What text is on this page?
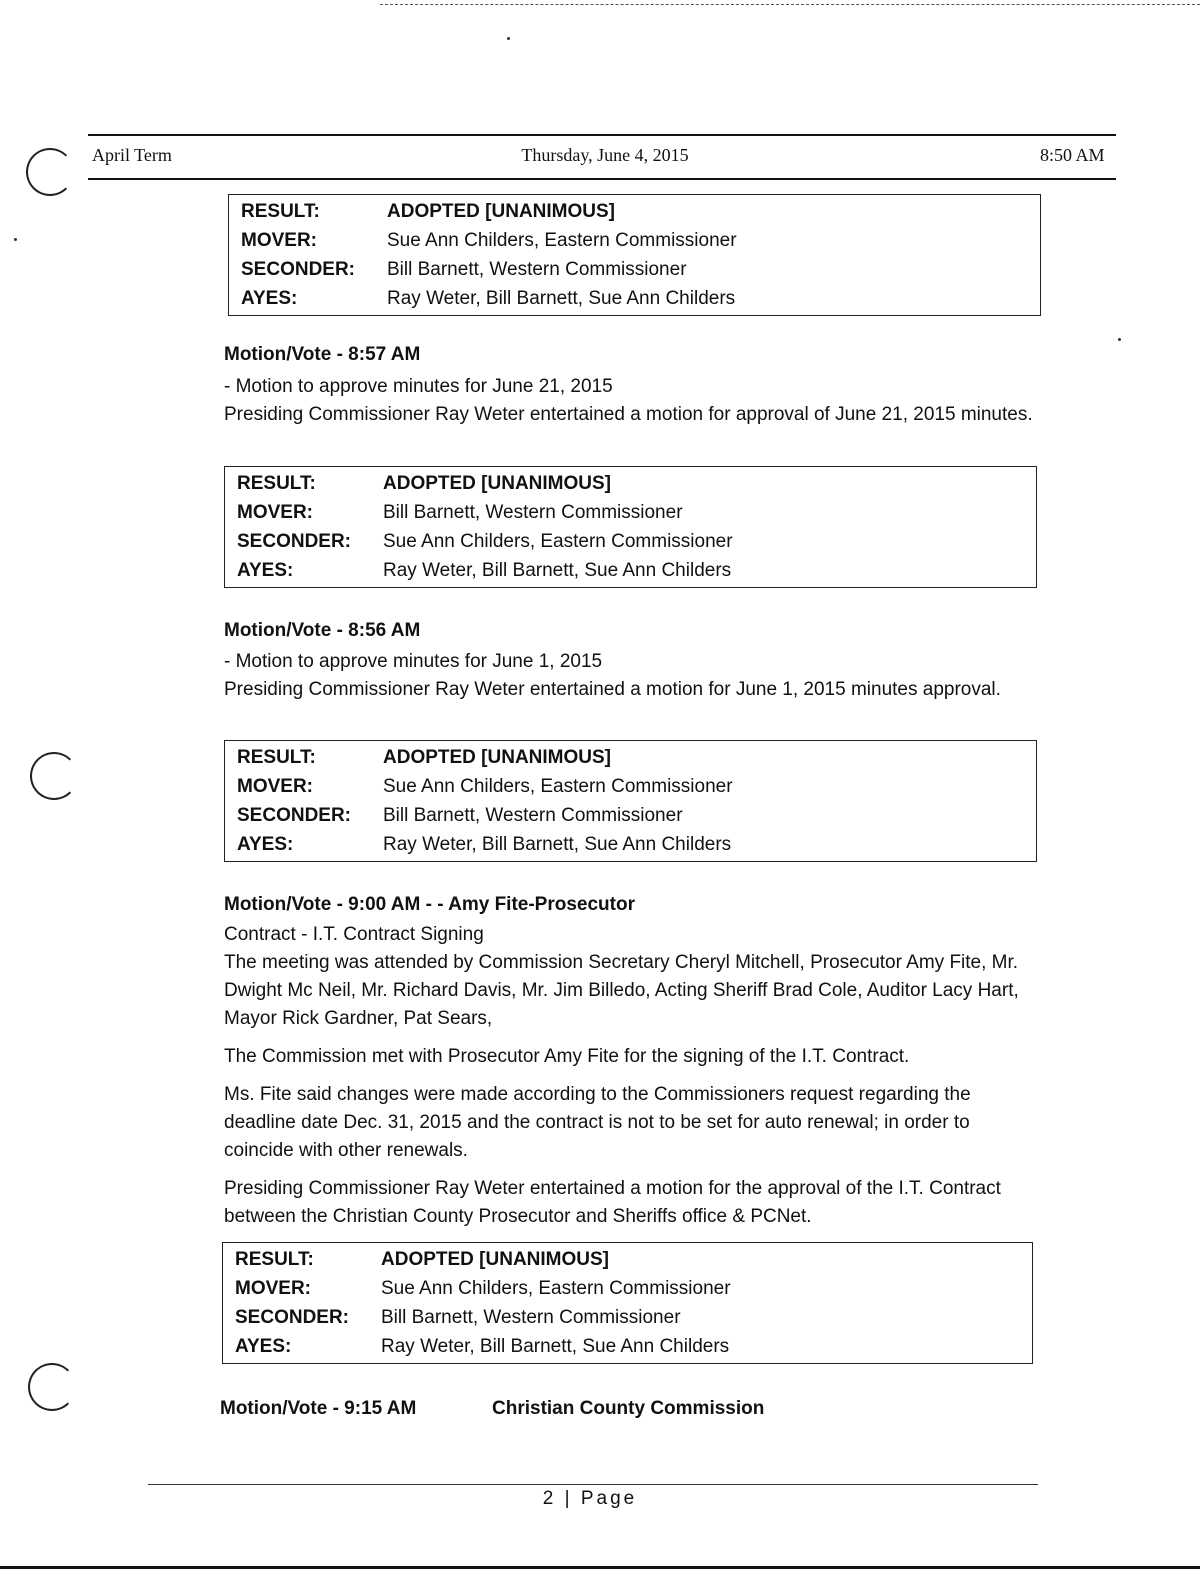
April Term	Thursday, June 4, 2015	8:50 AM
RESULT:	ADOPTED [UNANIMOUS]
MOVER:	Sue Ann Childers, Eastern Commissioner
SECONDER:	Bill Barnett, Western Commissioner
AYES:	Ray Weter, Bill Barnett, Sue Ann Childers
Motion/Vote - 8:57 AM

- Motion to approve minutes for June 21, 2015

Presiding Commissioner Ray Weter entertained a motion for approval of June 21, 2015 minutes.

RESULT:	ADOPTED [UNANIMOUS]
MOVER:	Bill Barnett, Western Commissioner
SECONDER:	Sue Ann Childers, Eastern Commissioner
AYES:	Ray Weter, Bill Barnett, Sue Ann Childers
Motion/Vote - 8:56 AM

- Motion to approve minutes for June 1, 2015

Presiding Commissioner Ray Weter entertained a motion for June 1, 2015 minutes approval.

RESULT:	ADOPTED [UNANIMOUS]
MOVER:	Sue Ann Childers, Eastern Commissioner
SECONDER:	Bill Barnett, Western Commissioner
AYES:	Ray Weter, Bill Barnett, Sue Ann Childers
Motion/Vote - 9:00 AM - - Amy Fite-Prosecutor

Contract - I.T. Contract Signing

The meeting was attended by Commission Secretary Cheryl Mitchell, Prosecutor Amy Fite, Mr. Dwight Mc Neil, Mr. Richard Davis, Mr. Jim Billedo, Acting Sheriff Brad Cole, Auditor Lacy Hart, Mayor Rick Gardner, Pat Sears,

The Commission met with Prosecutor Amy Fite for the signing of the I.T. Contract.

Ms. Fite said changes were made according to the Commissioners request regarding the deadline date Dec. 31, 2015 and the contract is not to be set for auto renewal; in order to coincide with other renewals.

Presiding Commissioner Ray Weter entertained a motion for the approval of the I.T. Contract between the Christian County Prosecutor and Sheriffs office & PCNet.

RESULT:	ADOPTED [UNANIMOUS]
MOVER:	Sue Ann Childers, Eastern Commissioner
SECONDER:	Bill Barnett, Western Commissioner
AYES:	Ray Weter, Bill Barnett, Sue Ann Childers
Motion/Vote - 9:15 AM	Christian County Commission
2 | Page
